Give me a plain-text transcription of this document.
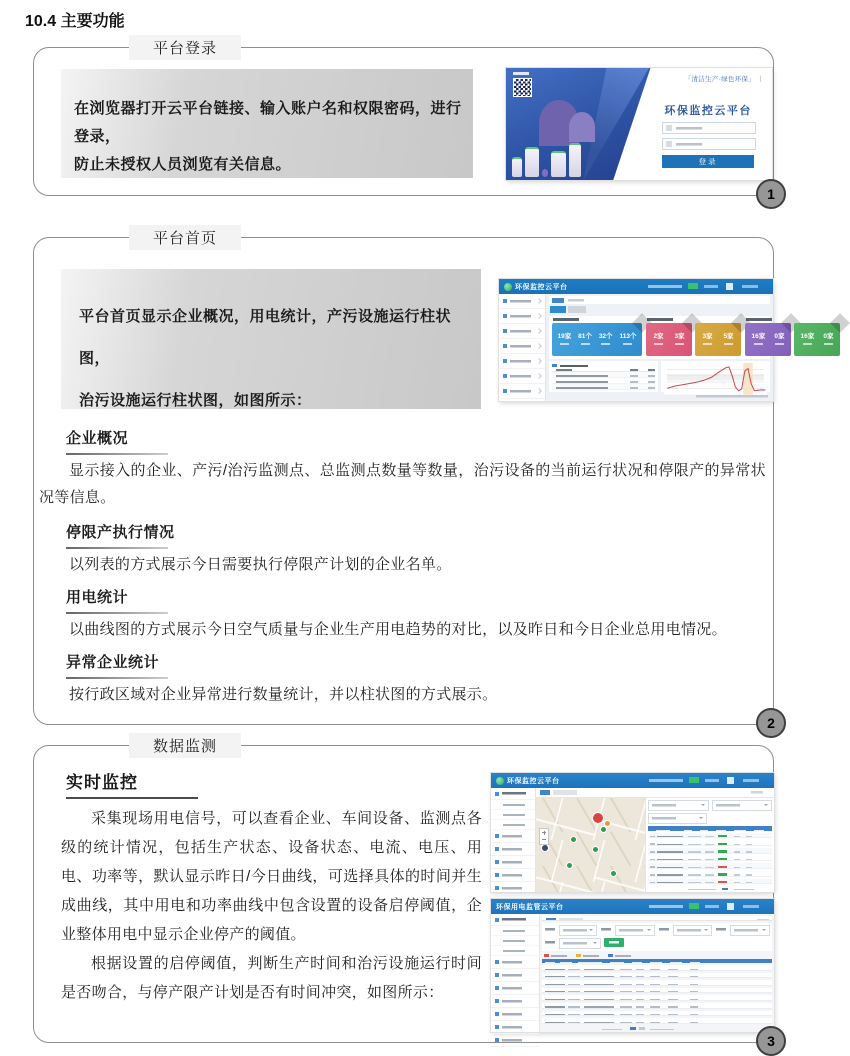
10.4 主要功能
平台登录
在浏览器打开云平台链接、输入账户名和权限密码，进行登录，
防止未授权人员浏览有关信息。
「清洁生产·绿色环保」 ｜
环保监控云平台
登录
1
平台首页
平台首页显示企业概况，用电统计，产污设施运行柱状图，
治污设施运行柱状图，如图所示：
环保监控云平台
19家 81个 32个 113个	2家 3家	3家 5家	16家 0家 16家 0家
企业概况
显示接入的企业、产污/治污监测点、总监测点数量等数量，治污设备的当前运行状况和停限产的异常状况等信息。
停限产执行情况
以列表的方式展示今日需要执行停限产计划的企业名单。
用电统计
以曲线图的方式展示今日空气质量与企业生产用电趋势的对比，以及昨日和今日企业总用电情况。
异常企业统计
按行政区域对企业异常进行数量统计，并以柱状图的方式展示。
2
数据监测
实时监控
采集现场用电信号，可以查看企业、车间设备、监测点各级的统计情况，包括生产状态、设备状态、电流、电压、用电、功率等，默认显示昨日/今日曲线，可选择具体的时间并生成曲线，其中用电和功率曲线中包含设置的设备启停阈值，企业整体用电中显示企业停产的阈值。
根据设置的启停阈值，判断生产时间和治污设施运行时间是否吻合，与停产限产计划是否有时间冲突，如图所示：
环保监控云平台
环保用电监管云平台
3
